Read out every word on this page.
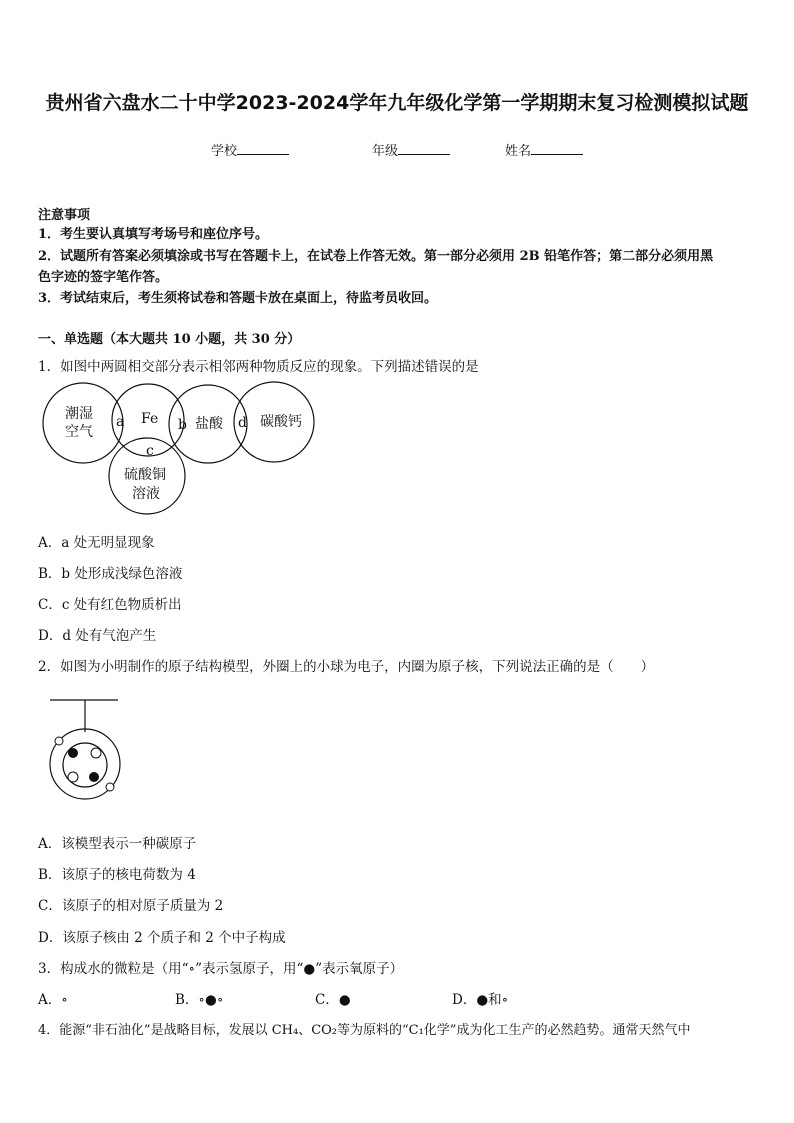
贵州省六盘水二十中学2023-2024学年九年级化学第一学期期末复习检测模拟试题
学校	年级	姓名
注意事项
1．考生要认真填写考场号和座位序号。
2．试题所有答案必须填涂或书写在答题卡上，在试卷上作答无效。第一部分必须用 2B 铅笔作答；第二部分必须用黑
色字迹的签字笔作答。
3．考试结束后，考生须将试卷和答题卡放在桌面上，待监考员收回。
一、单选题（本大题共 10 小题，共 30 分）
1．如图中两圆相交部分表示相邻两种物质反应的现象。下列描述错误的是
潮湿
空气
Fe	盐酸	碳酸钙
硫酸铜
溶液
a	b
c
d
A．a 处无明显现象
B．b 处形成浅绿色溶液
C．c 处有红色物质析出
D．d 处有气泡产生
2．如图为小明制作的原子结构模型，外圈上的小球为电子，内圈为原子核，下列说法正确的是（　　）
A．该模型表示一种碳原子
B．该原子的核电荷数为 4
C．该原子的相对原子质量为 2
D．该原子核由 2 个质子和 2 个中子构成
3．构成水的微粒是（用“∘”表示氢原子，用“●”表示氧原子）
A．∘	B．∘●∘	C．●	D．●和∘
4．能源“非石油化”是战略目标，发展以 CH₄、CO₂等为原料的“C₁化学”成为化工生产的必然趋势。通常天然气中
